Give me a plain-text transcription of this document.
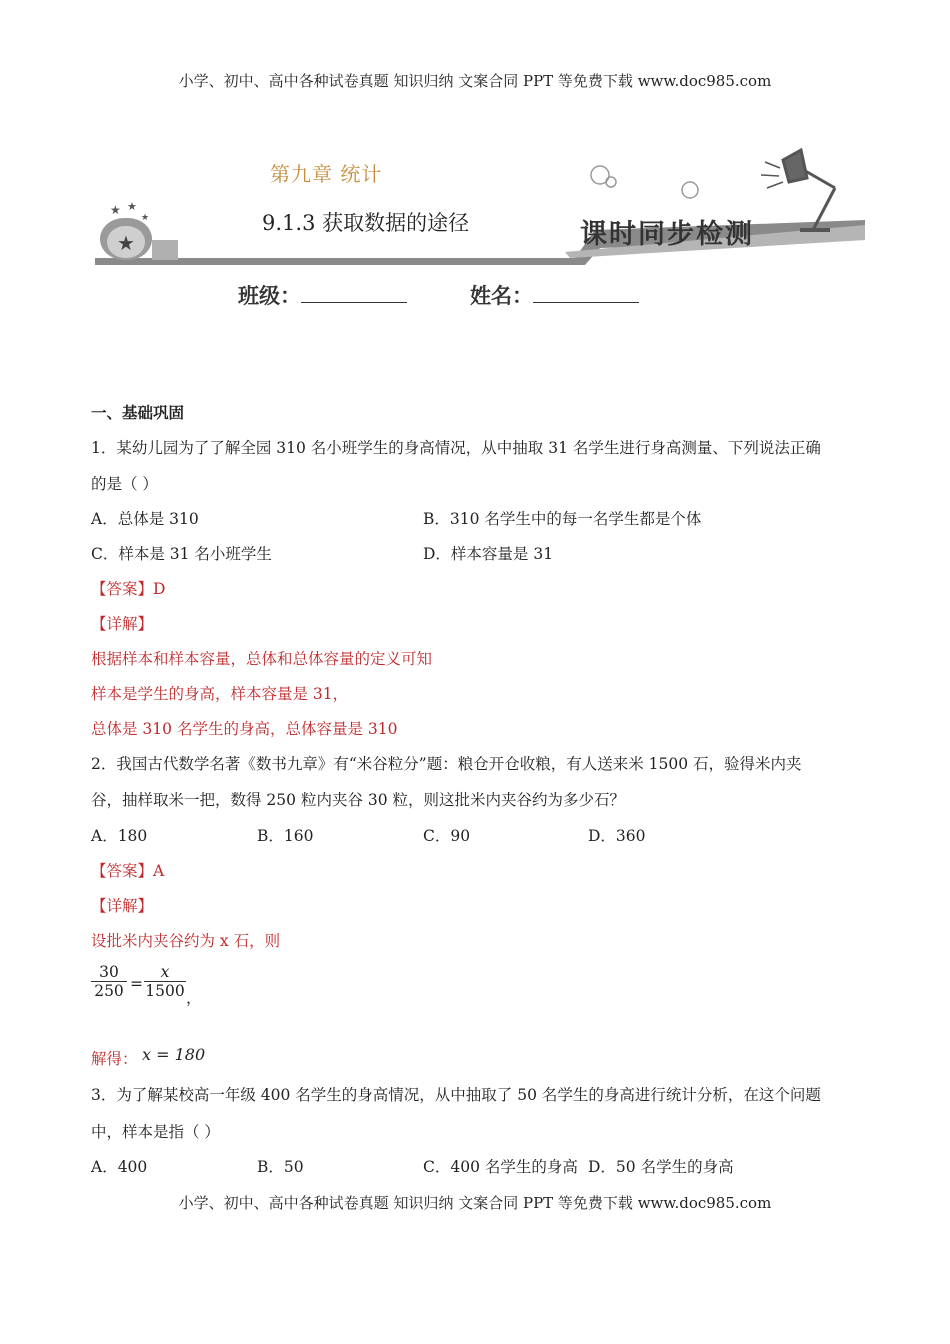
小学、初中、高中各种试卷真题 知识归纳 文案合同 PPT 等免费下载 www.doc985.com
★
★ ★
★
第九章 统计
9.1.3 获取数据的途径	课时同步检测
班级：	姓名：
一、基础巩固
1．某幼儿园为了了解全园 310 名小班学生的身高情况，从中抽取 31 名学生进行身高测量、下列说法正确
的是（ ）
A．总体是 310	B．310 名学生中的每一名学生都是个体
C．样本是 31 名小班学生	D．样本容量是 31
【答案】D
【详解】
根据样本和样本容量，总体和总体容量的定义可知
样本是学生的身高，样本容量是 31，
总体是 310 名学生的身高，总体容量是 310
2．我国古代数学名著《数书九章》有“米谷粒分”题：粮仓开仓收粮，有人送来米 1500 石，验得米内夹
谷，抽样取米一把，数得 250 粒内夹谷 30 粒，则这批米内夹谷约为多少石？
A．180	B．160	C．90	D．360
【答案】A
【详解】
设批米内夹谷约为 x 石，则
$\frac{30}{250} = \frac{x}{1500}$ ，
解得： x = 180
3．为了解某校高一年级 400 名学生的身高情况，从中抽取了 50 名学生的身高进行统计分析，在这个问题
中，样本是指（ ）
A．400	B．50	C．400 名学生的身高 D．50 名学生的身高
小学、初中、高中各种试卷真题 知识归纳 文案合同 PPT 等免费下载 www.doc985.com
